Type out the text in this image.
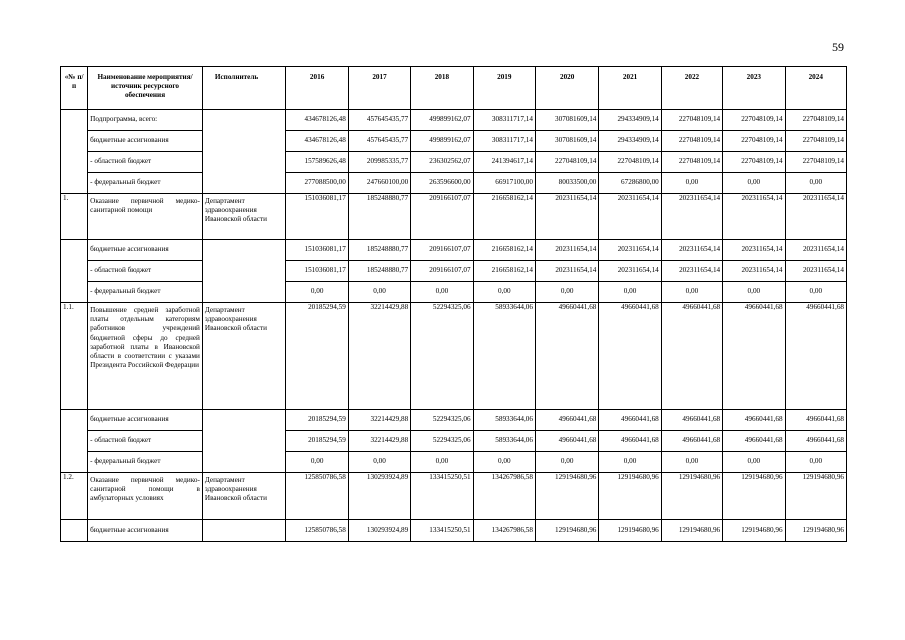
59
«№ п/п	Наименование мероприятия/источник ресурсного обеспечения	Исполнитель	2016	2017	2018	2019	2020	2021	2022	2023	2024
	Подпрограмма, всего:		434678126,48	457645435,77	499899162,07	308311717,14	307081609,14	294334909,14	227048109,14	227048109,14	227048109,14
	бюджетные ассигнования		434678126,48	457645435,77	499899162,07	308311717,14	307081609,14	294334909,14	227048109,14	227048109,14	227048109,14
	- областной бюджет		157589626,48	209985335,77	236302562,07	241394617,14	227048109,14	227048109,14	227048109,14	227048109,14	227048109,14
	- федеральный бюджет		277088500,00	247660100,00	263596600,00	66917100,00	80033500,00	67286800,00	0,00	0,00	0,00
1.	Оказание первичной медико-санитарной помощи	Департамент здравоохранения Ивановской области	151036081,17	185248880,77	209166107,07	216658162,14	202311654,14	202311654,14	202311654,14	202311654,14	202311654,14
	бюджетные ассигнования		151036081,17	185248880,77	209166107,07	216658162,14	202311654,14	202311654,14	202311654,14	202311654,14	202311654,14
	- областной бюджет		151036081,17	185248880,77	209166107,07	216658162,14	202311654,14	202311654,14	202311654,14	202311654,14	202311654,14
	- федеральный бюджет		0,00	0,00	0,00	0,00	0,00	0,00	0,00	0,00	0,00
1.1.	Повышение средней заработной платы отдельным категориям работников учреждений бюджетной сферы до средней заработной платы в Ивановской области в соответствии с указами Президента Российской Федерации	Департамент здравоохранения Ивановской области	20185294,59	32214429,88	52294325,06	58933644,06	49660441,68	49660441,68	49660441,68	49660441,68	49660441,68
	бюджетные ассигнования		20185294,59	32214429,88	52294325,06	58933644,06	49660441,68	49660441,68	49660441,68	49660441,68	49660441,68
	- областной бюджет		20185294,59	32214429,88	52294325,06	58933644,06	49660441,68	49660441,68	49660441,68	49660441,68	49660441,68
	- федеральный бюджет		0,00	0,00	0,00	0,00	0,00	0,00	0,00	0,00	0,00
1.2.	Оказание первичной медико-санитарной помощи в амбулаторных условиях	Департамент здравоохранения Ивановской области	125850786,58	130293924,89	133415250,51	134267986,58	129194680,96	129194680,96	129194680,96	129194680,96	129194680,96
	бюджетные ассигнования		125850786,58	130293924,89	133415250,51	134267986,58	129194680,96	129194680,96	129194680,96	129194680,96	129194680,96
